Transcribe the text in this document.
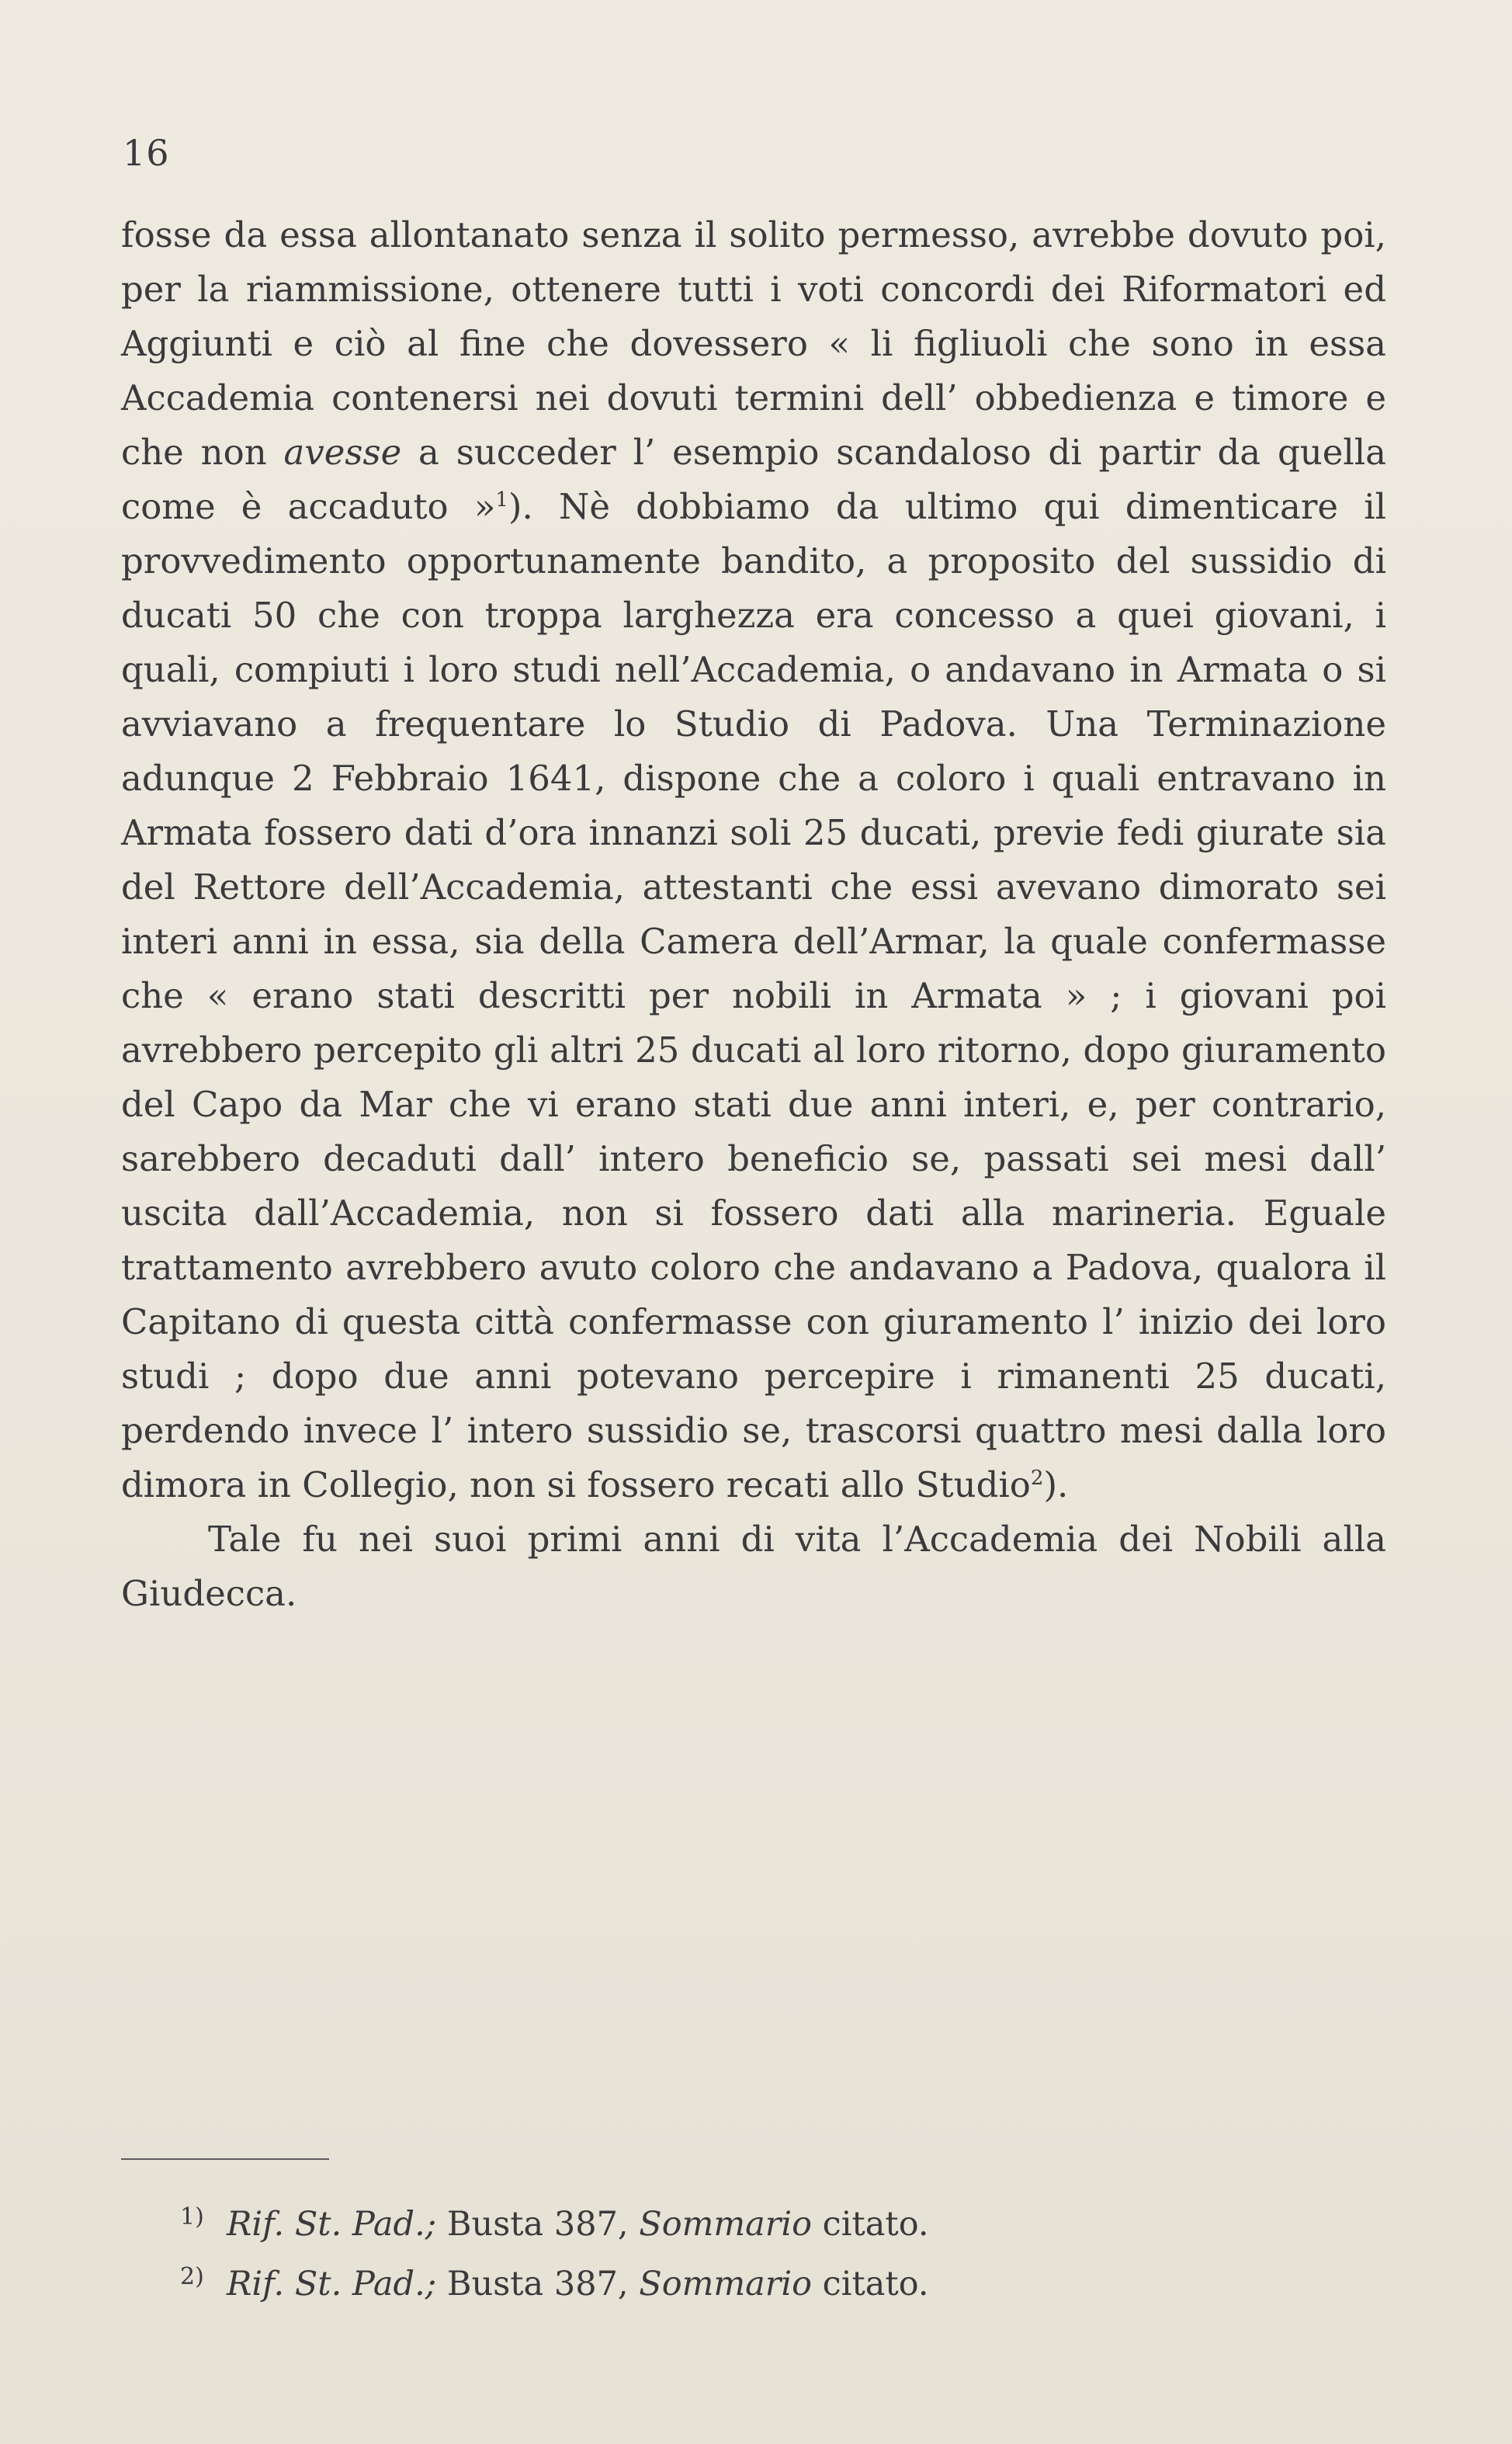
16

fosse da essa allontanato senza il solito permesso, avrebbe dovuto poi, per la riammissione, ottenere tutti i voti concordi dei Riformatori ed Aggiunti e ciò al fine che dovessero « li figliuoli che sono in essa Accademia contenersi nei dovuti termini dell’ obbedienza e timore e che non avesse a succeder l’ esempio scandaloso di partir da quella come è accaduto »$^1$). Nè dobbiamo da ultimo qui dimenticare il provvedimento opportunamente bandito, a proposito del sussidio di ducati 50 che con troppa larghezza era concesso a quei giovani, i quali, compiuti i loro studi nell’Accademia, o andavano in Armata o si avviavano a frequentare lo Studio di Padova. Una Terminazione adunque 2 Febbraio 1641, dispone che a coloro i quali entravano in Armata fossero dati d’ora innanzi soli 25 ducati, previe fedi giurate sia del Rettore dell’Accademia, attestanti che essi avevano dimorato sei interi anni in essa, sia della Camera dell’Armar, la quale confermasse che « erano stati descritti per nobili in Armata » ; i giovani poi avrebbero percepito gli altri 25 ducati al loro ritorno, dopo giuramento del Capo da Mar che vi erano stati due anni interi, e, per contrario, sarebbero decaduti dall’ intero beneficio se, passati sei mesi dall’ uscita dall’Accademia, non si fossero dati alla marineria. Eguale trattamento avrebbero avuto coloro che andavano a Padova, qualora il Capitano di questa città confermasse con giuramento l’ inizio dei loro studi ; dopo due anni potevano percepire i rimanenti 25 ducati, perdendo invece l’ intero sussidio se, trascorsi quattro mesi dalla loro dimora in Collegio, non si fossero recati allo Studio$^2$).

Tale fu nei suoi primi anni di vita l’Accademia dei Nobili alla Giudecca.

1) Rif. St. Pad.; Busta 387, Sommario citato.

2) Rif. St. Pad.; Busta 387, Sommario citato.
